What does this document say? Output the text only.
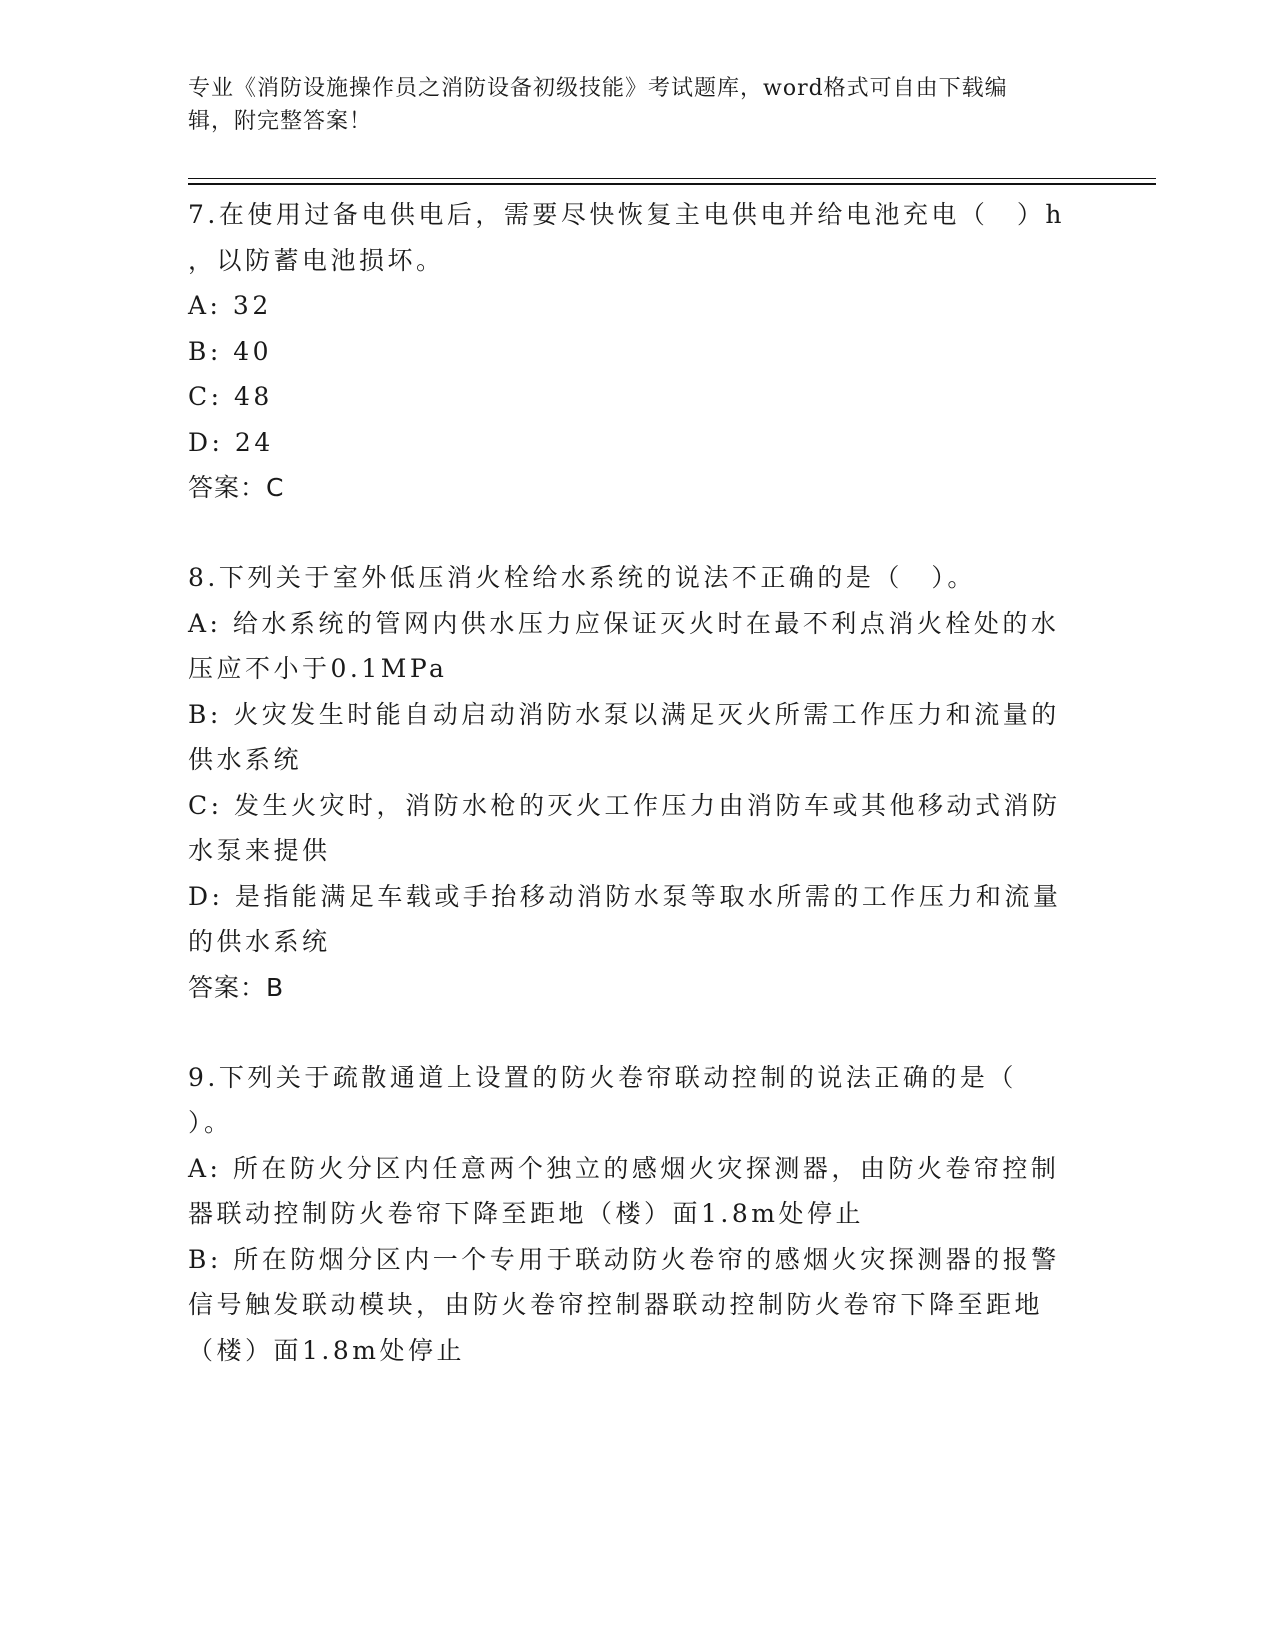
专业《消防设施操作员之消防设备初级技能》考试题库，word格式可自由下载编
辑，附完整答案！
7.在使用过备电供电后，需要尽快恢复主电供电并给电池充电（　）h
，以防蓄电池损坏。
A: 32
B: 40
C: 48
D: 24
答案：C
8.下列关于室外低压消火栓给水系统的说法不正确的是（　）。
A: 给水系统的管网内供水压力应保证灭火时在最不利点消火栓处的水
压应不小于0.1MPa
B: 火灾发生时能自动启动消防水泵以满足灭火所需工作压力和流量的
供水系统
C: 发生火灾时，消防水枪的灭火工作压力由消防车或其他移动式消防
水泵来提供
D: 是指能满足车载或手抬移动消防水泵等取水所需的工作压力和流量
的供水系统
答案：B
9.下列关于疏散通道上设置的防火卷帘联动控制的说法正确的是（
）。
A: 所在防火分区内任意两个独立的感烟火灾探测器，由防火卷帘控制
器联动控制防火卷帘下降至距地（楼）面1.8m处停止
B: 所在防烟分区内一个专用于联动防火卷帘的感烟火灾探测器的报警
信号触发联动模块，由防火卷帘控制器联动控制防火卷帘下降至距地
（楼）面1.8m处停止
